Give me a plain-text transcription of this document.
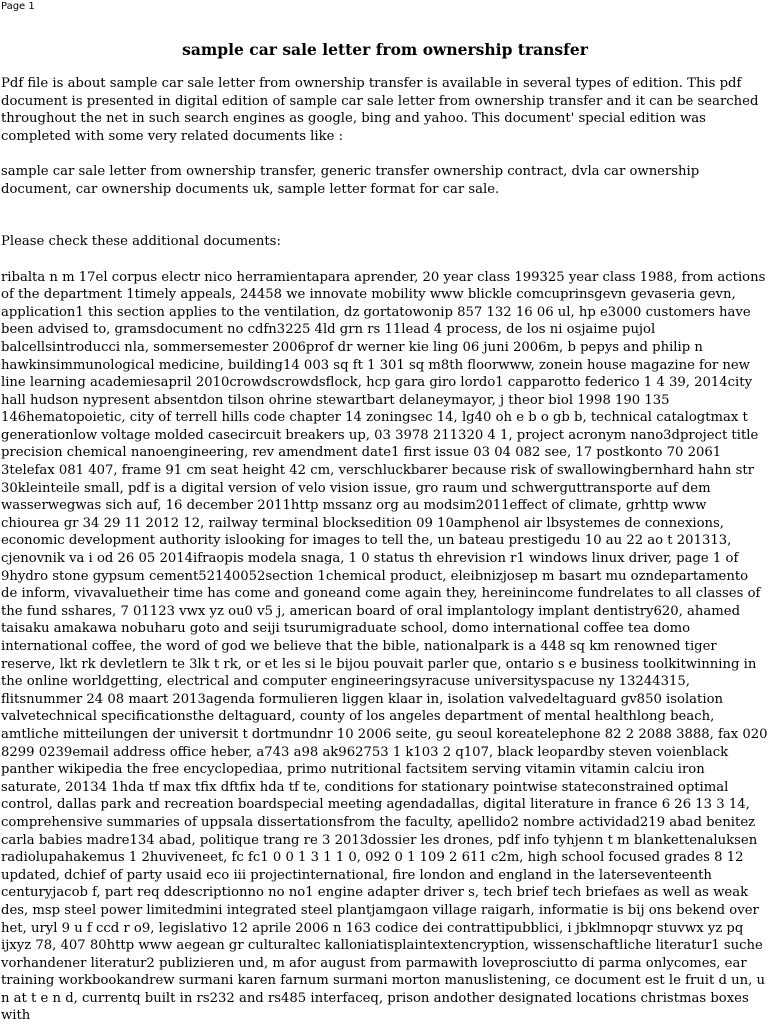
Page 1
sample car sale letter from ownership transfer

Pdf file is about sample car sale letter from ownership transfer is available in several types of edition. This pdf document is presented in digital edition of sample car sale letter from ownership transfer and it can be searched throughout the net in such search engines as google, bing and yahoo. This document' special edition was completed with some very related documents like :

sample car sale letter from ownership transfer, generic transfer ownership contract, dvla car ownership document, car ownership documents uk, sample letter format for car sale.

Please check these additional documents:

ribalta n m 17el corpus electr nico herramientapara aprender, 20 year class 199325 year class 1988, from actions of the department 1timely appeals, 24458 we innovate mobility www blickle comcuprinsgevn gevaseria gevn, application1 this section applies to the ventilation, dz gortatowonip 857 132 16 06 ul, hp e3000 customers have been advised to, gramsdocument no cdfn3225 4ld grn rs 11lead 4 process, de los ni osjaime pujol balcellsintroducci nla, sommersemester 2006prof dr werner kie ling 06 juni 2006m, b pepys and philip n hawkinsimmunological medicine, building14 003 sq ft 1 301 sq m8th floorwww, zonein house magazine for new line learning academiesapril 2010crowdscrowdsflock, hcp gara giro lordo1 capparotto federico 1 4 39, 2014city hall hudson nypresent absentdon tilson ohrine stewartbart delaneymayor, j theor biol 1998 190 135 146hematopoietic, city of terrell hills code chapter 14 zoningsec 14, lg40 oh e b o gb b, technical catalogtmax t generationlow voltage molded casecircuit breakers up, 03 3978 211320 4 1, project acronym nano3dproject title precision chemical nanoengineering, rev amendment date1 first issue 03 04 082 see, 17 postkonto 70 2061 3telefax 081 407, frame 91 cm seat height 42 cm, verschluckbarer because risk of swallowingbernhard hahn str 30kleinteile small, pdf is a digital version of velo vision issue, gro raum und schwerguttransporte auf dem wasserwegwas sich auf, 16 december 2011http mssanz org au modsim2011effect of climate, grhttp www chiourea gr 34 29 11 2012 12, railway terminal blocksedition 09 10amphenol air lbsystemes de connexions, economic development authority islooking for images to tell the, un bateau prestigedu 10 au 22 ao t 201313, cjenovnik va i od 26 05 2014ifraopis modela snaga, 1 0 status th ehrevision r1 windows linux driver, page 1 of 9hydro stone gypsum cement52140052section 1chemical product, eleibnizjosep m basart mu ozndepartamento de inform, vivavaluetheir time has come and goneand come again they, hereinincome fundrelates to all classes of the fund sshares, 7 01123 vwx yz ou0 v5 j, american board of oral implantology implant dentistry620, ahamed taisaku amakawa nobuharu goto and seiji tsurumigraduate school, domo international coffee tea domo international coffee, the word of god we believe that the bible, nationalpark is a 448 sq km renowned tiger reserve, lkt rk devletlern te 3lk t rk, or et les si le bijou pouvait parler que, ontario s e business toolkitwinning in the online worldgetting, electrical and computer engineeringsyracuse universityspacuse ny 13244315, flitsnummer 24 08 maart 2013agenda formulieren liggen klaar in, isolation valvedeltaguard gv850 isolation valvetechnical specificationsthe deltaguard, county of los angeles department of mental healthlong beach, amtliche mitteilungen der universit t dortmundnr 10 2006 seite, gu seoul koreatelephone 82 2 2088 3888, fax 020 8299 0239email address office heber, a743 a98 ak962753 1 k103 2 q107, black leopardby steven voienblack panther wikipedia the free encyclopediaa, primo nutritional factsitem serving vitamin vitamin calciu iron saturate, 20134 1hda tf max tfix dftfix hda tf te, conditions for stationary pointwise stateconstrained optimal control, dallas park and recreation boardspecial meeting agendadallas, digital literature in france 6 26 13 3 14, comprehensive summaries of uppsala dissertationsfrom the faculty, apellido2 nombre actividad219 abad benitez carla babies madre134 abad, politique trang re 3 2013dossier les drones, pdf info tyhjenn t m blankettenaluksen radiolupahakemus 1 2huviveneet, fc fc1 0 0 1 3 1 1 0, 092 0 1 109 2 611 c2m, high school focused grades 8 12 updated, dchief of party usaid eco iii projectinternational, fire london and england in the laterseventeenth centuryjacob f, part req ddescriptionno no no1 engine adapter driver s, tech brief tech briefaes as well as weak des, msp steel power limitedmini integrated steel plantjamgaon village raigarh, informatie is bij ons bekend over het, uryl 9 u f ccd r o9, legislativo 12 aprile 2006 n 163 codice dei contrattipubblici, i jbklmnopqr stuvwx yz pq ijxyz 78, 407 80http www aegean gr culturaltec kalloniatisplaintextencryption, wissenschaftliche literatur1 suche vorhandener literatur2 publizieren und, m afor august from parmawith loveprosciutto di parma onlycomes, ear training workbookandrew surmani karen farnum surmani morton manuslistening, ce document est le fruit d un, u n at t e n d, currentq built in rs232 and rs485 interfaceq, prison andother designated locations christmas boxes with
